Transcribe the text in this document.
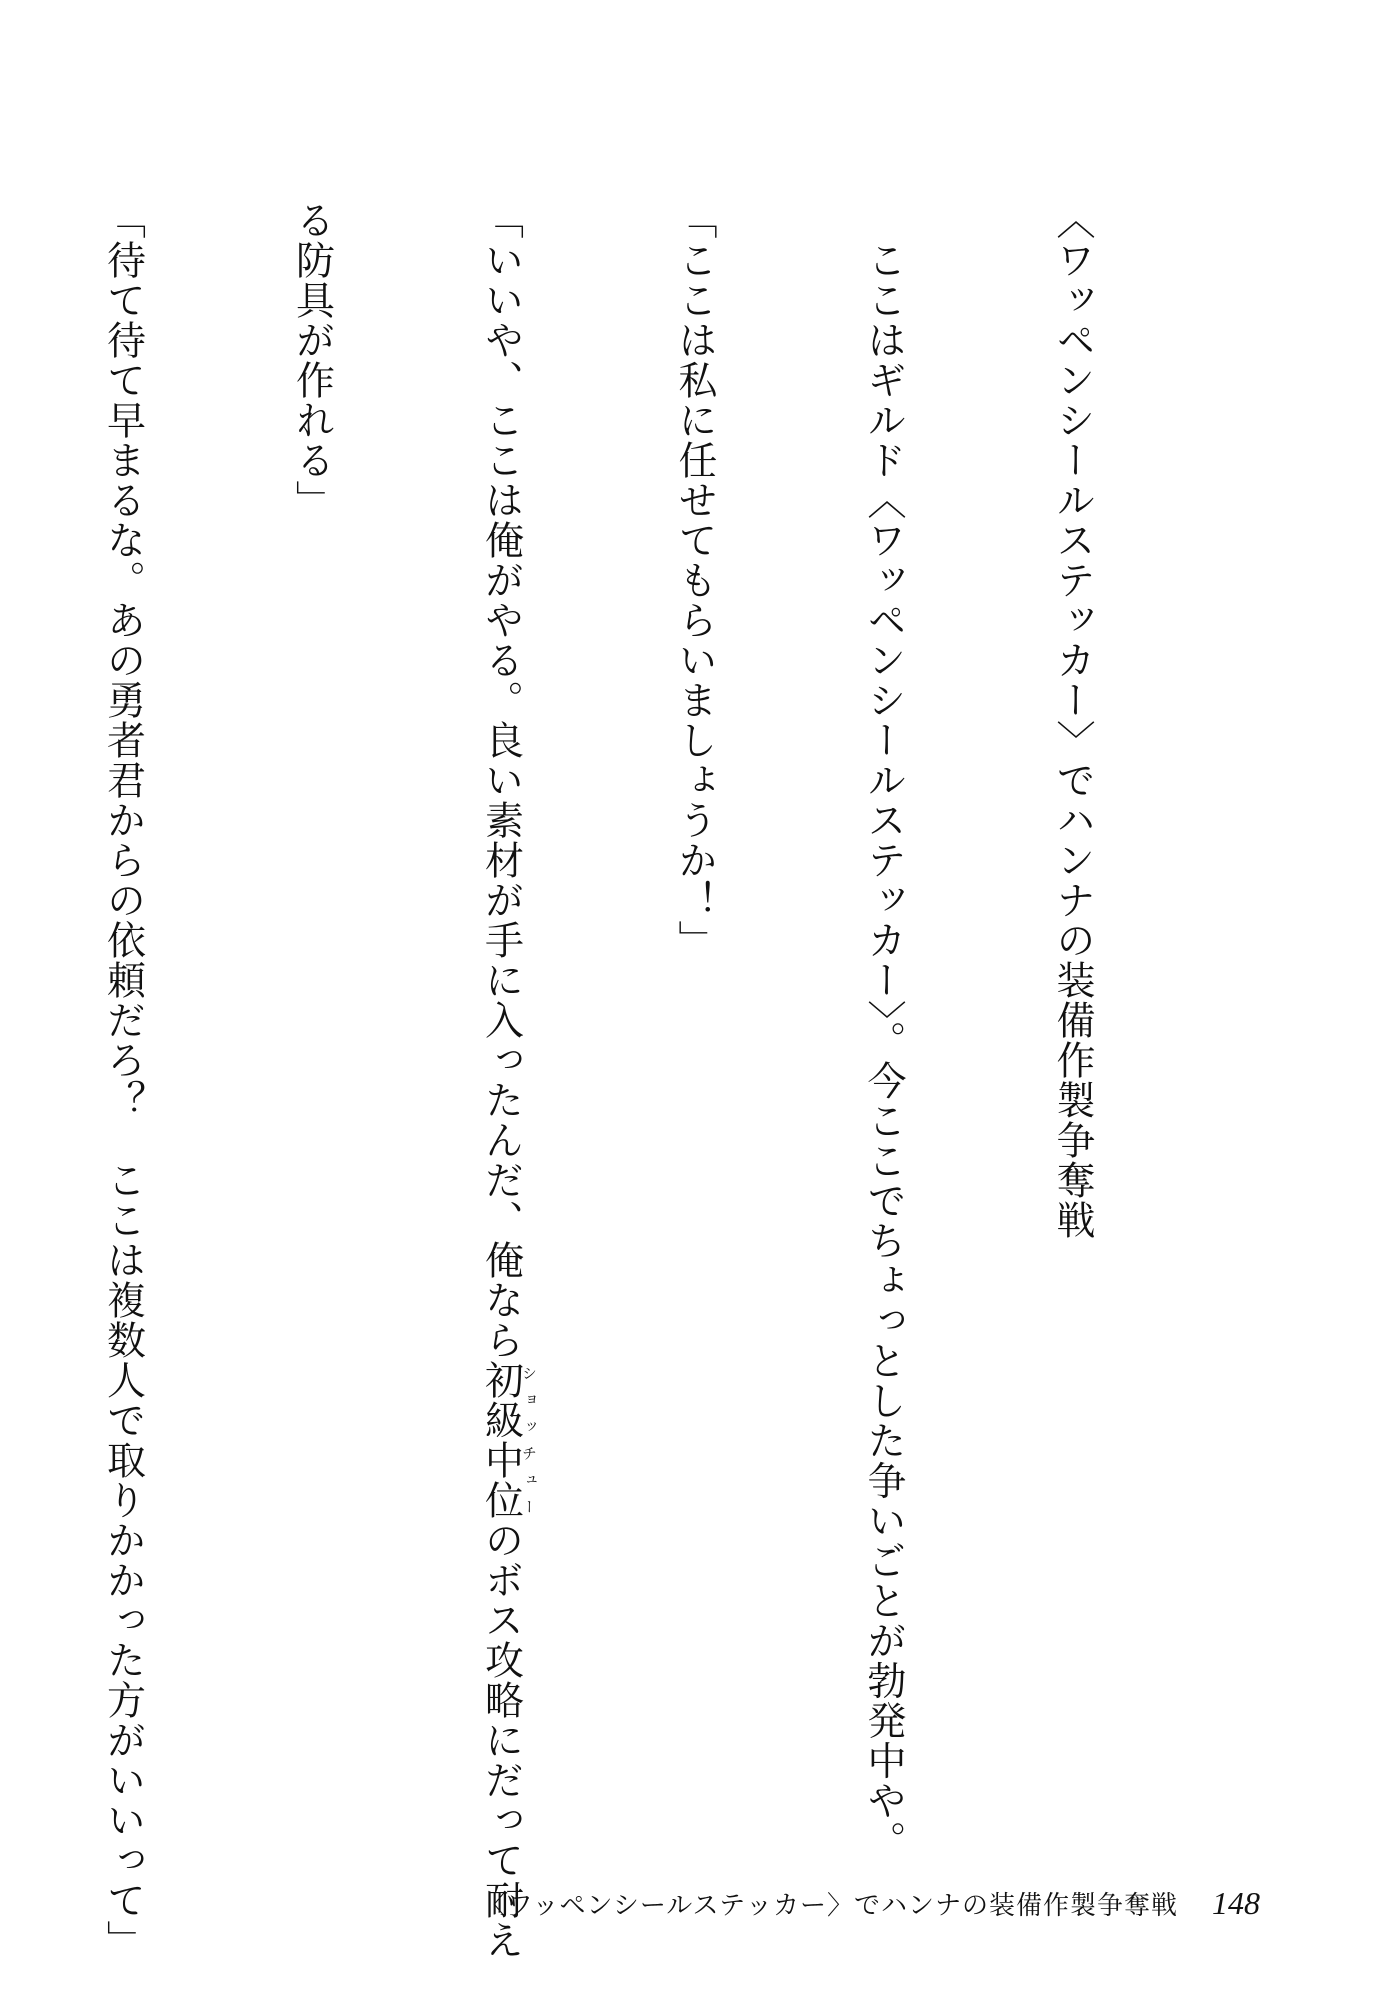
〈ワッペンシールステッカー〉でハンナの装備作製争奪戦

　ここはギルド〈ワッペンシールステッカー〉。今ここでちょっとした争いごとが勃発中や。

「ここは私に任せてもらいましょうか！」

「いいや、ここは俺がやる。良い素材が手に入ったんだ、俺なら初級中位ショッチューのボス攻略にだって耐え

る防具が作れる」

「待て待て早まるな。あの勇者君からの依頼だろ？　ここは複数人で取りかかった方がいいって」

	〈ワッペンシールステッカー〉でハンナの装備作製争奪戦 148
